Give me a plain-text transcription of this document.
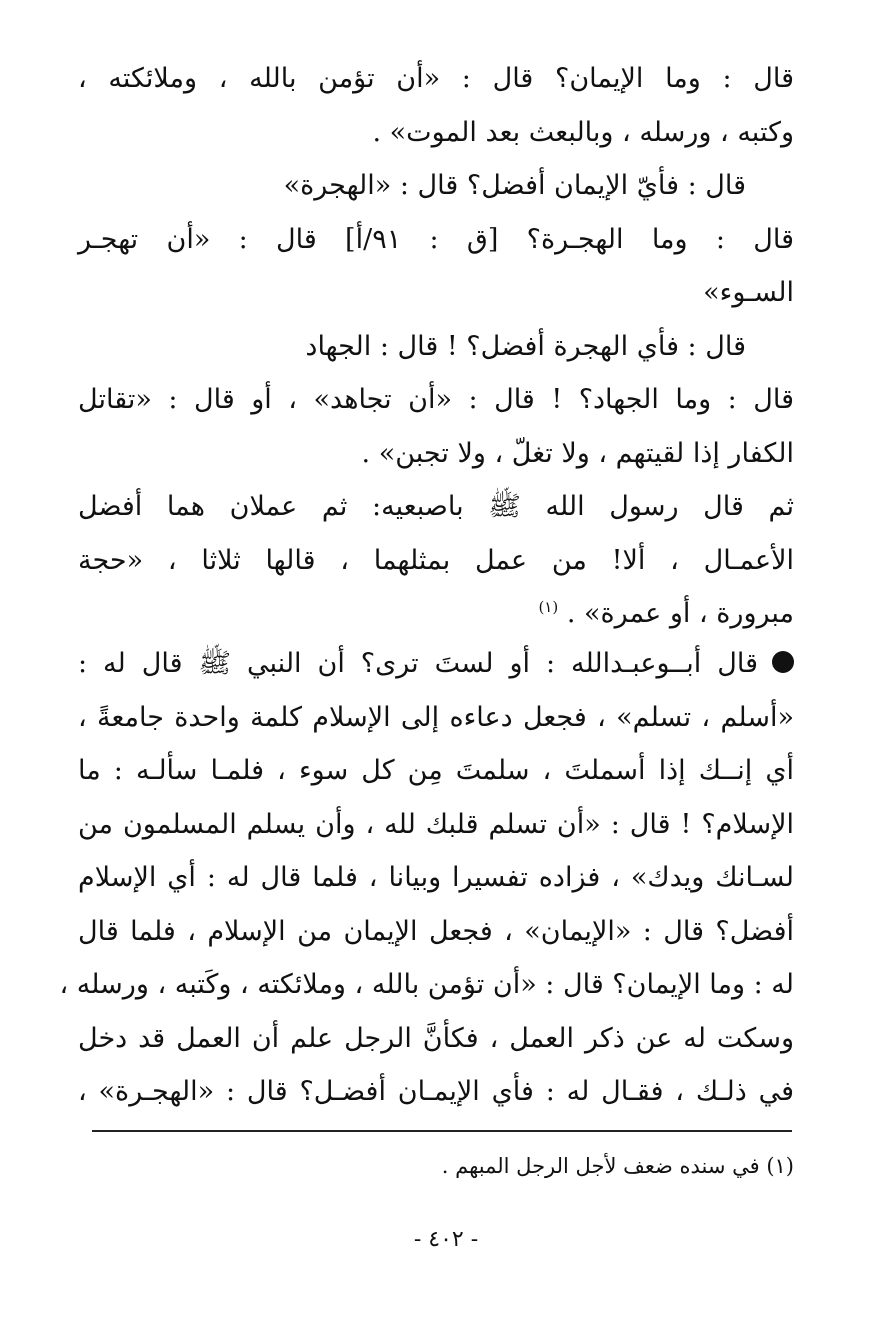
قال : وما الإيمان؟ قال : «أن تؤمن بالله ، وملائكته ،
وكتبه ، ورسله ، وبالبعث بعد الموت» .
قال : فأيّ الإيمان أفضل؟ قال : «الهجرة»
قال : وما الهجـرة؟ [ق : ٩١/أ] قال : «أن تهجـر
السـوء»
قال : فأي الهجرة أفضل؟ ! قال : الجهاد
قال : وما الجهاد؟ ! قال : «أن تجاهد» ، أو قال : «تقاتل
الكفار إذا لقيتهم ، ولا تغلّ ، ولا تجبن» .
ثم قال رسول الله ﷺ باصبعيه: ثم عملان هما أفضل
الأعمـال ، ألا! من عمل بمثلهما ، قالها ثلاثا ، «حجة
مبرورة ، أو عمرة» . $^{(١)}$
قال أبــوعبـدالله : أو لستَ ترى؟ أن النبي ﷺ قال له :
«أسلم ، تسلم» ، فجعل دعاءه إلى الإسلام كلمة واحدة جامعةً ،
أي إنــك إذا أسملتَ ، سلمتَ مِن كل سوء ، فلمـا سألـه : ما
الإسلام؟ ! قال : «أن تسلم قلبك لله ، وأن يسلم المسلمون من
لسـانك ويدك» ، فزاده تفسيرا وبيانا ، فلما قال له : أي الإسلام
أفضل؟ قال : «الإيمان» ، فجعل الإيمان من الإسلام ، فلما قال
له : وما الإيمان؟ قال : «أن تؤمن بالله ، وملائكته ، وكَتبه ، ورسله ،
وسكت له عن ذكر العمل ، فكأنَّ الرجل علم أن العمل قد دخل
في ذلـك ، فقـال له : فأي الإيمـان أفضـل؟ قال : «الهجـرة» ،
(١) في سنده ضعف لأجل الرجل المبهم .
- ٤٠٢ -
